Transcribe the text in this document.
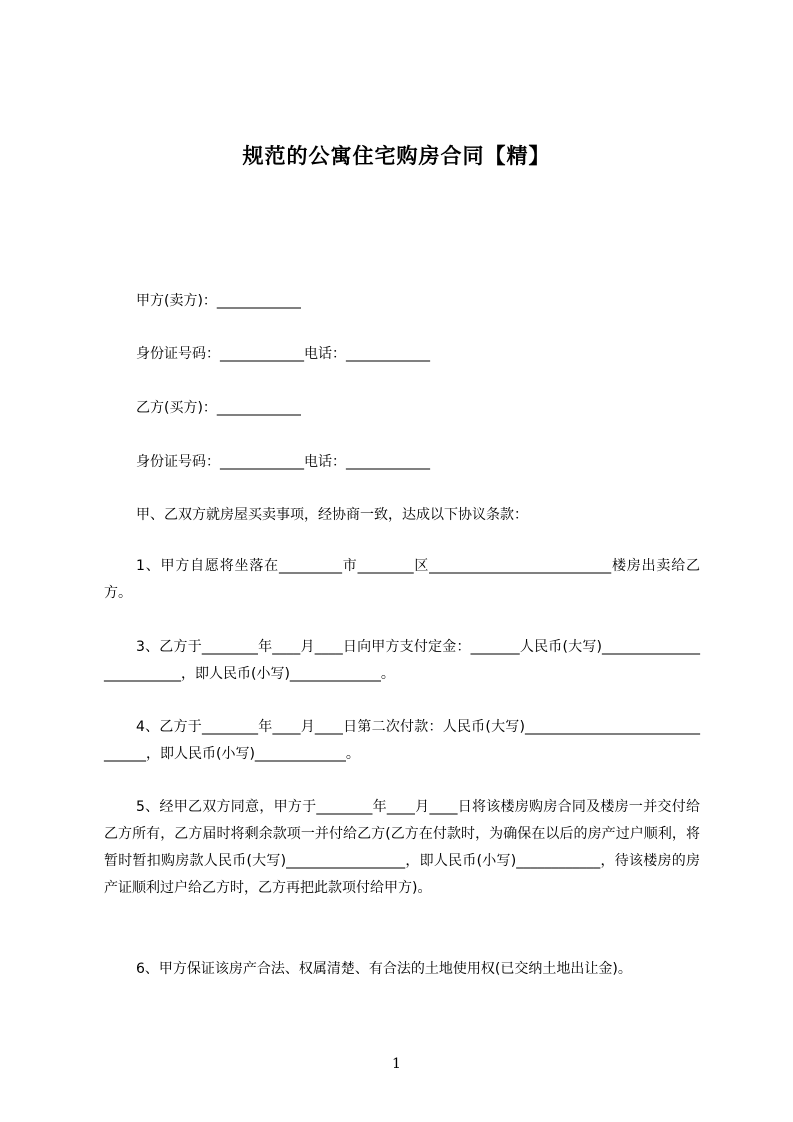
规范的公寓住宅购房合同【精】
甲方(卖方)：____________
身份证号码：____________电话：____________
乙方(买方)：____________
身份证号码：____________电话：____________
甲、乙双方就房屋买卖事项，经协商一致，达成以下协议条款：
1、甲方自愿将坐落在_________市________区__________________________楼房出卖给乙方。
3、乙方于________年____月____日向甲方支付定金：_______人民币(大写)_________________________，即人民币(小写)_____________。
4、乙方于________年____月____日第二次付款：人民币(大写)_______________________________，即人民币(小写)_____________。
5、经甲乙双方同意，甲方于________年____月____日将该楼房购房合同及楼房一并交付给乙方所有，乙方届时将剩余款项一并付给乙方(乙方在付款时，为确保在以后的房产过户顺利，将暂时暂扣购房款人民币(大写)_________________，即人民币(小写)____________，待该楼房的房产证顺利过户给乙方时，乙方再把此款项付给甲方)。
6、甲方保证该房产合法、权属清楚、有合法的土地使用权(已交纳土地出让金)。
1
